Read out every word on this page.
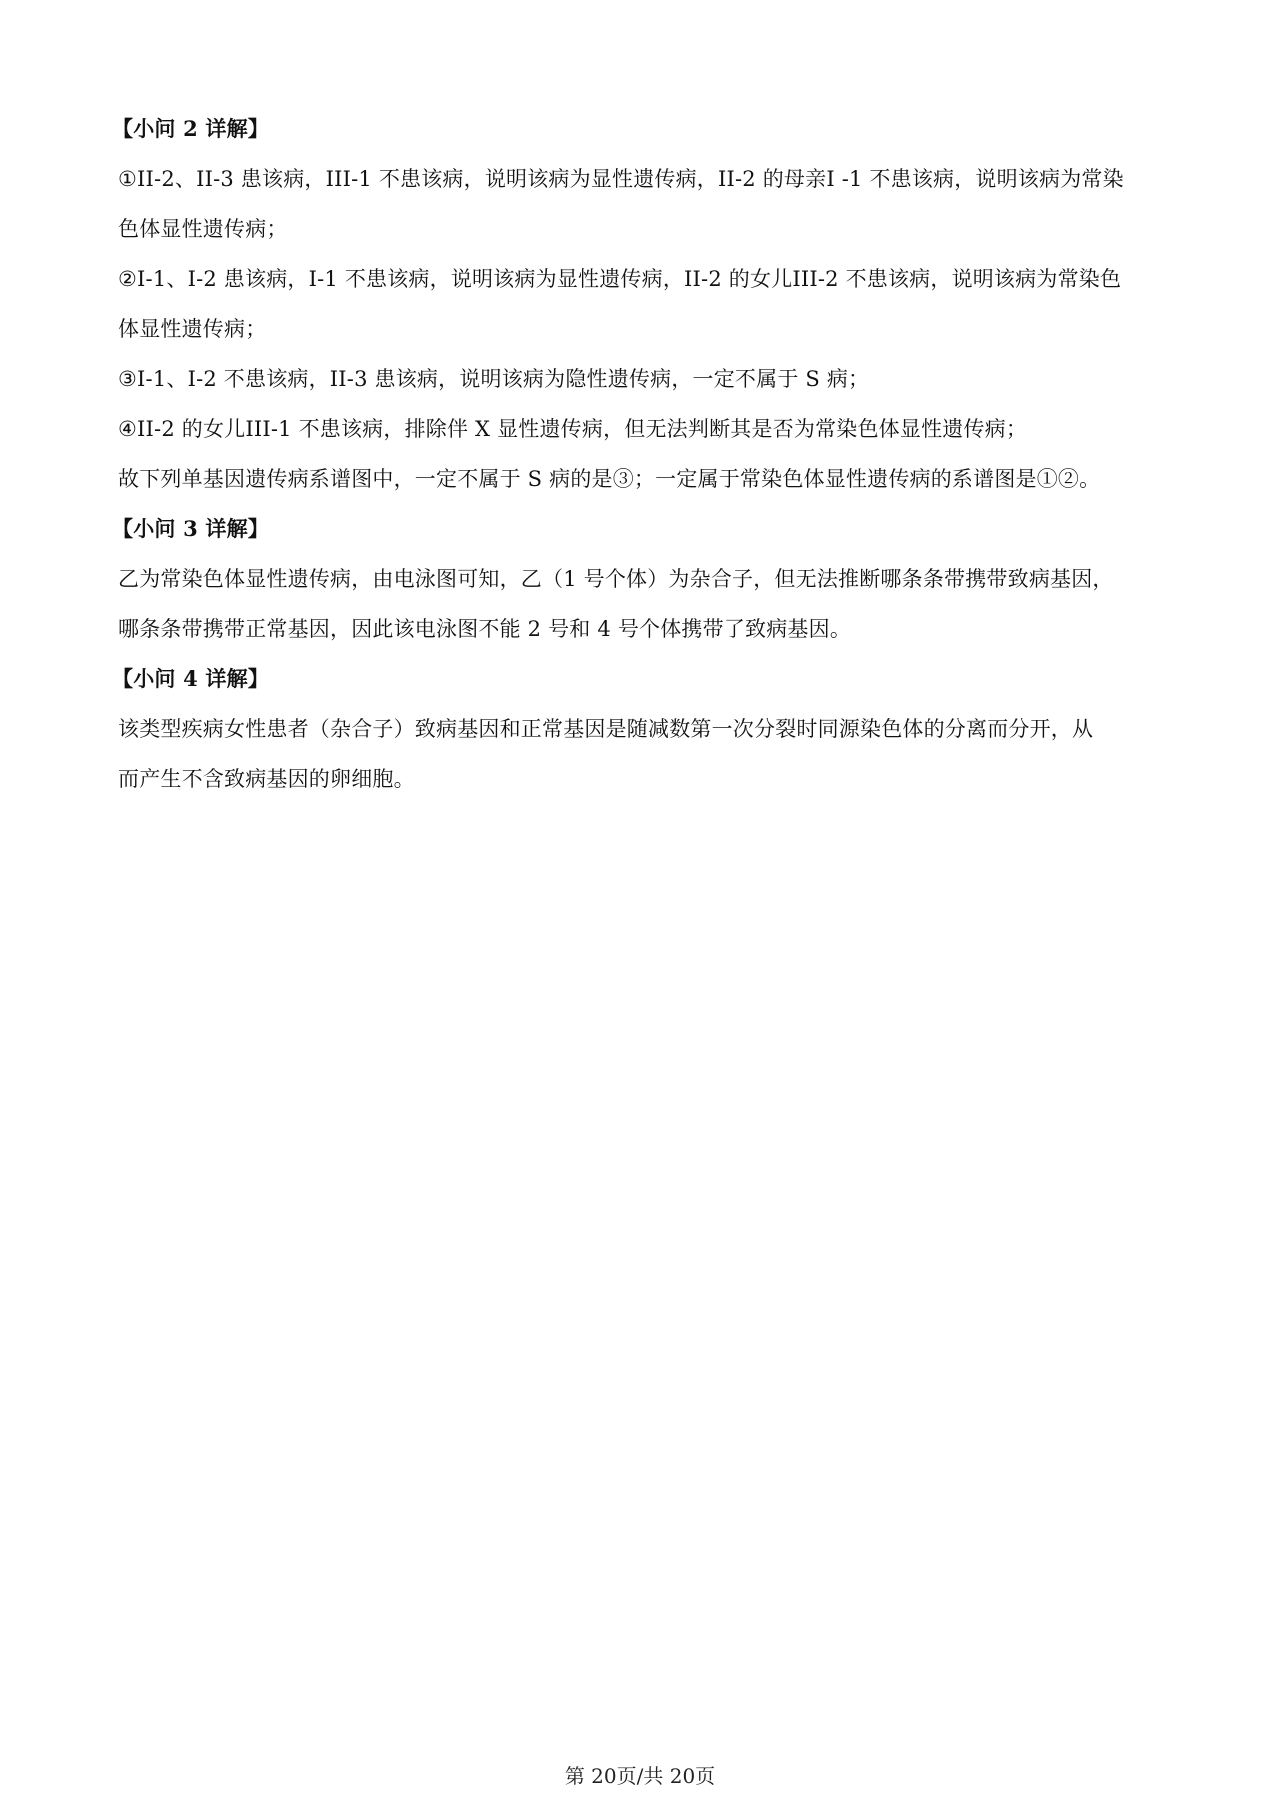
【小问 2 详解】
①II-2、II-3 患该病，III-1 不患该病，说明该病为显性遗传病，II-2 的母亲I -1 不患该病，说明该病为常染
色体显性遗传病；
②I-1、I-2 患该病，I-1 不患该病，说明该病为显性遗传病，II-2 的女儿III-2 不患该病，说明该病为常染色
体显性遗传病；
③I-1、I-2 不患该病，II-3 患该病，说明该病为隐性遗传病，一定不属于 S 病；
④II-2 的女儿III-1 不患该病，排除伴 X 显性遗传病，但无法判断其是否为常染色体显性遗传病；
故下列单基因遗传病系谱图中，一定不属于 S 病的是③；一定属于常染色体显性遗传病的系谱图是①②。
【小问 3 详解】
乙为常染色体显性遗传病，由电泳图可知，乙（1 号个体）为杂合子，但无法推断哪条条带携带致病基因，
哪条条带携带正常基因，因此该电泳图不能 2 号和 4 号个体携带了致病基因。
【小问 4 详解】
该类型疾病女性患者（杂合子）致病基因和正常基因是随减数第一次分裂时同源染色体的分离而分开，从
而产生不含致病基因的卵细胞。
第 20页/共 20页
